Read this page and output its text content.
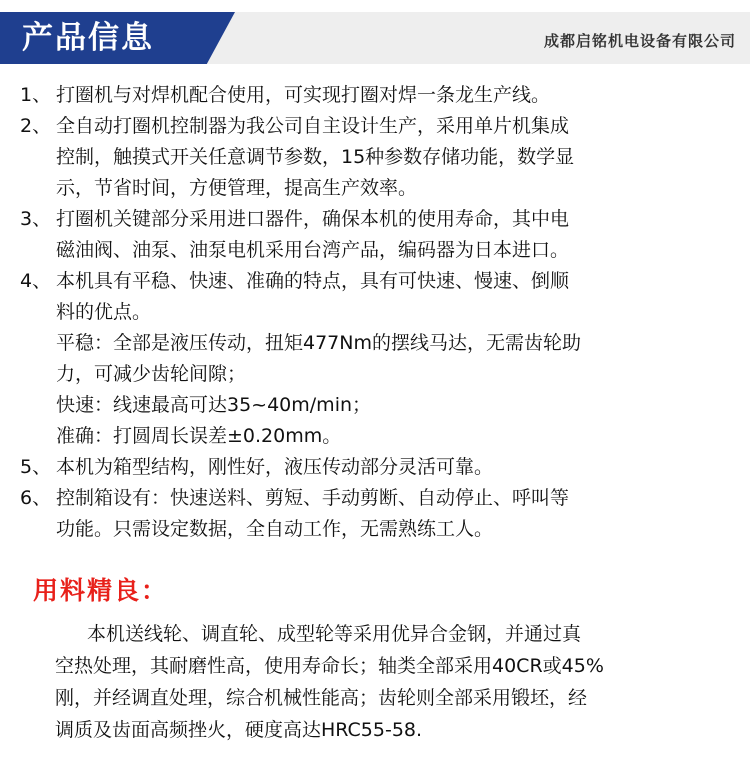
产品信息	成都启铭机电设备有限公司
1、 打圈机与对焊机配合使用，可实现打圈对焊一条龙生产线。
2、 全自动打圈机控制器为我公司自主设计生产，采用单片机集成
控制，触摸式开关任意调节参数，15种参数存储功能，数学显
示，节省时间，方便管理，提高生产效率。
3、 打圈机关键部分采用进口器件，确保本机的使用寿命，其中电
磁油阀、油泵、油泵电机采用台湾产品，编码器为日本进口。
4、 本机具有平稳、快速、准确的特点，具有可快速、慢速、倒顺
料的优点。
平稳：全部是液压传动，扭矩477Nm的摆线马达，无需齿轮助
力，可减少齿轮间隙；
快速：线速最高可达35~40m/min；
准确：打圆周长误差±0.20mm。
5、 本机为箱型结构，刚性好，液压传动部分灵活可靠。
6、 控制箱设有：快速送料、剪短、手动剪断、自动停止、呼叫等
功能。只需设定数据，全自动工作，无需熟练工人。
用料精良：
本机送线轮、调直轮、成型轮等采用优异合金钢，并通过真
空热处理，其耐磨性高，使用寿命长；轴类全部采用40CR或45%
刚，并经调直处理，综合机械性能高；齿轮则全部采用锻坯，经
调质及齿面高频挫火，硬度高达HRC55-58.
